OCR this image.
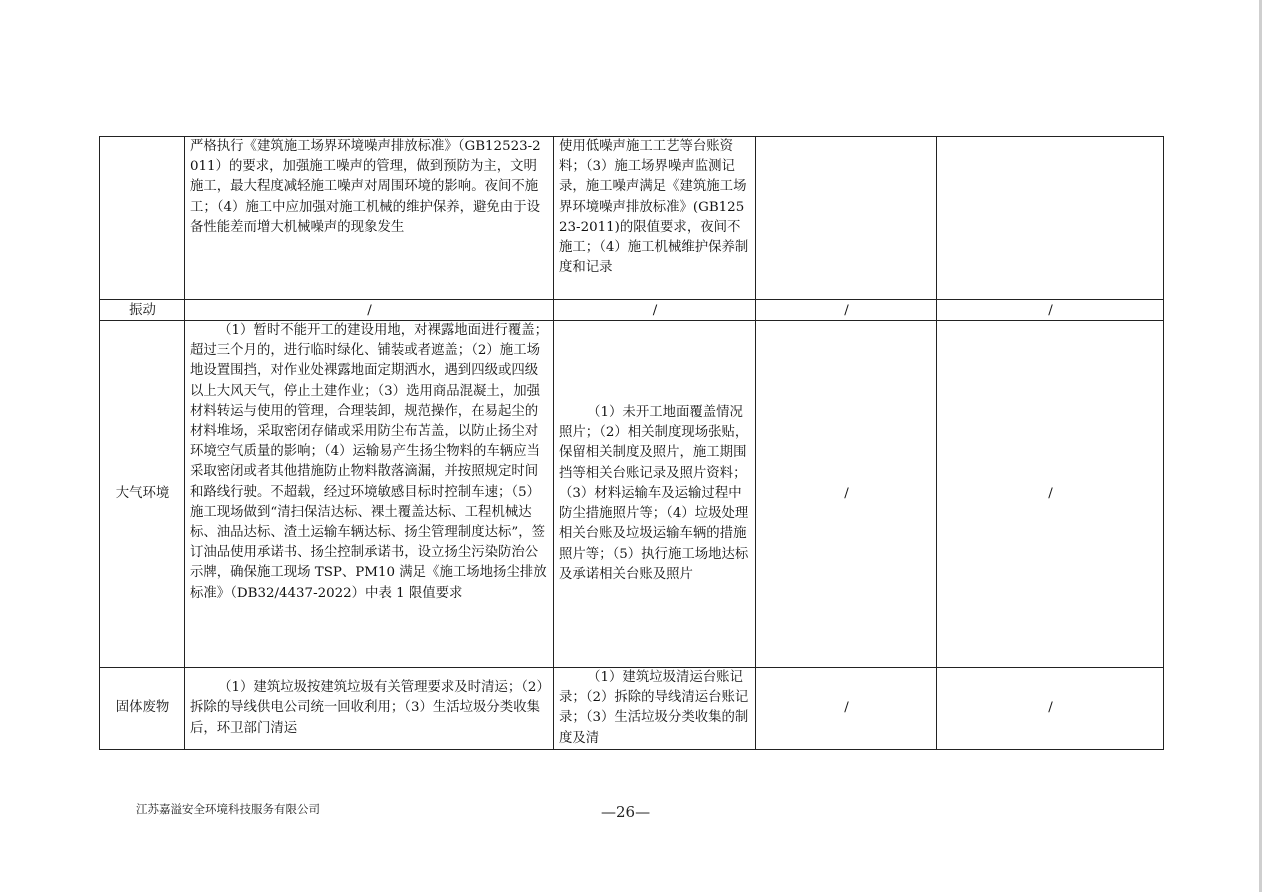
	严格执行《建筑施工场界环境噪声排放标准》（GB12523-2011）的要求，加强施工噪声的管理，做到预防为主，文明施工，最大程度减轻施工噪声对周围环境的影响。夜间不施工；（4）施工中应加强对施工机械的维护保养，避免由于设备性能差而增大机械噪声的现象发生	使用低噪声施工工艺等台账资料；（3）施工场界噪声监测记录，施工噪声满足《建筑施工场界环境噪声排放标准》(GB12523-2011)的限值要求，夜间不施工；（4）施工机械维护保养制度和记录		
振动	/	/	/	/
大气环境	（1）暂时不能开工的建设用地，对裸露地面进行覆盖；超过三个月的，进行临时绿化、铺装或者遮盖；（2）施工场地设置围挡，对作业处裸露地面定期洒水，遇到四级或四级以上大风天气，停止土建作业；（3）选用商品混凝土，加强材料转运与使用的管理，合理装卸，规范操作，在易起尘的材料堆场，采取密闭存储或采用防尘布苫盖，以防止扬尘对环境空气质量的影响；（4）运输易产生扬尘物料的车辆应当采取密闭或者其他措施防止物料散落滴漏，并按照规定时间和路线行驶。不超载，经过环境敏感目标时控制车速；（5）施工现场做到“清扫保洁达标、裸土覆盖达标、工程机械达标、油品达标、渣土运输车辆达标、扬尘管理制度达标”，签订油品使用承诺书、扬尘控制承诺书，设立扬尘污染防治公示牌，确保施工现场 TSP、PM10 满足《施工场地扬尘排放标准》（DB32/4437-2022）中表 1 限值要求	（1）未开工地面覆盖情况照片；（2）相关制度现场张贴，保留相关制度及照片，施工期围挡等相关台账记录及照片资料；（3）材料运输车及运输过程中防尘措施照片等；（4）垃圾处理相关台账及垃圾运输车辆的措施照片等；（5）执行施工场地达标及承诺相关台账及照片	/	/
固体废物	（1）建筑垃圾按建筑垃圾有关管理要求及时清运；（2）拆除的导线供电公司统一回收利用；（3）生活垃圾分类收集后，环卫部门清运	（1）建筑垃圾清运台账记录；（2）拆除的导线清运台账记录；（3）生活垃圾分类收集的制度及清	/	/
江苏嘉溢安全环境科技服务有限公司	—26—
